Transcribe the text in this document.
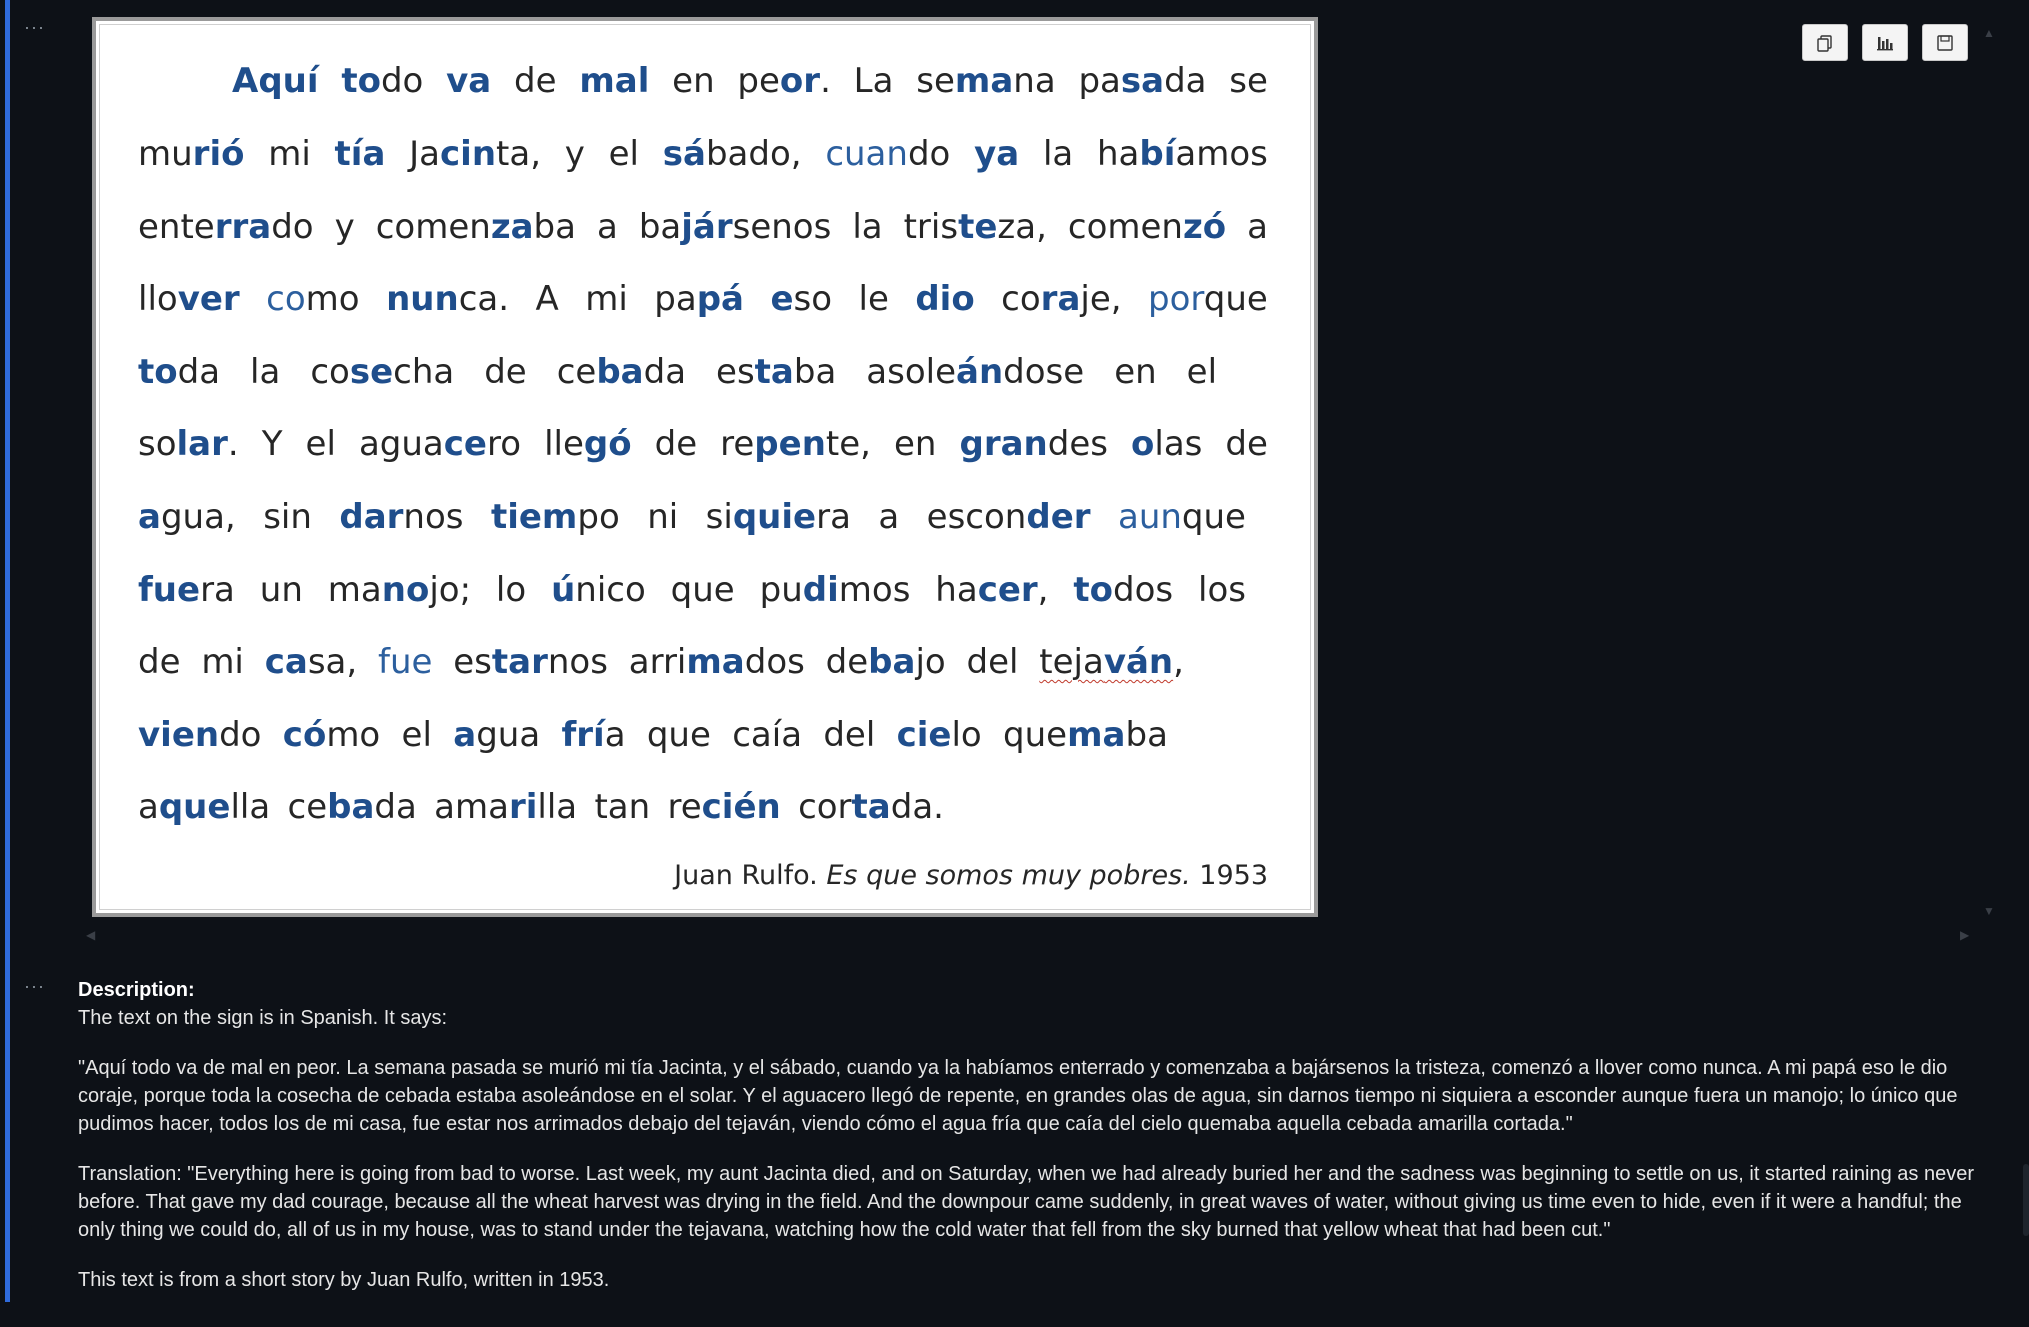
···	▲
▼
◀	▶
Aquí todo va de mal en peor. La semana pasada se
murió mi tía Jacinta, y el sábado, cuando ya la habíamos
enterrado y comenzaba a bajársenos la tristeza, comenzó a
llover como nunca. A mi papá eso le dio coraje, porque
toda la cosecha de cebada estaba asoleándose en el
solar. Y el aguacero llegó de repente, en grandes olas de
agua, sin darnos tiempo ni siquiera a esconder aunque
fuera un manojo; lo único que pudimos hacer, todos los
de mi casa, fue estarnos arrimados debajo del tejaván,
viendo cómo el agua fría que caía del cielo quemaba
aquella cebada amarilla tan recién cortada.
Juan Rulfo. Es que somos muy pobres. 1953
··· Description:

The text on the sign is in Spanish. It says:

"Aquí todo va de mal en peor. La semana pasada se murió mi tía Jacinta, y el sábado, cuando ya la habíamos enterrado y comenzaba a bajársenos la tristeza, comenzó a llover como nunca. A mi papá eso le dio coraje, porque toda la cosecha de cebada estaba asoleándose en el solar. Y el aguacero llegó de repente, en grandes olas de agua, sin darnos tiempo ni siquiera a esconder aunque fuera un manojo; lo único que pudimos hacer, todos los de mi casa, fue estar nos arrimados debajo del tejaván, viendo cómo el agua fría que caía del cielo quemaba aquella cebada amarilla cortada."

Translation: "Everything here is going from bad to worse. Last week, my aunt Jacinta died, and on Saturday, when we had already buried her and the sadness was beginning to settle on us, it started raining as never before. That gave my dad courage, because all the wheat harvest was drying in the field. And the downpour came suddenly, in great waves of water, without giving us time even to hide, even if it were a handful; the only thing we could do, all of us in my house, was to stand under the tejavana, watching how the cold water that fell from the sky burned that yellow wheat that had been cut."

This text is from a short story by Juan Rulfo, written in 1953.
